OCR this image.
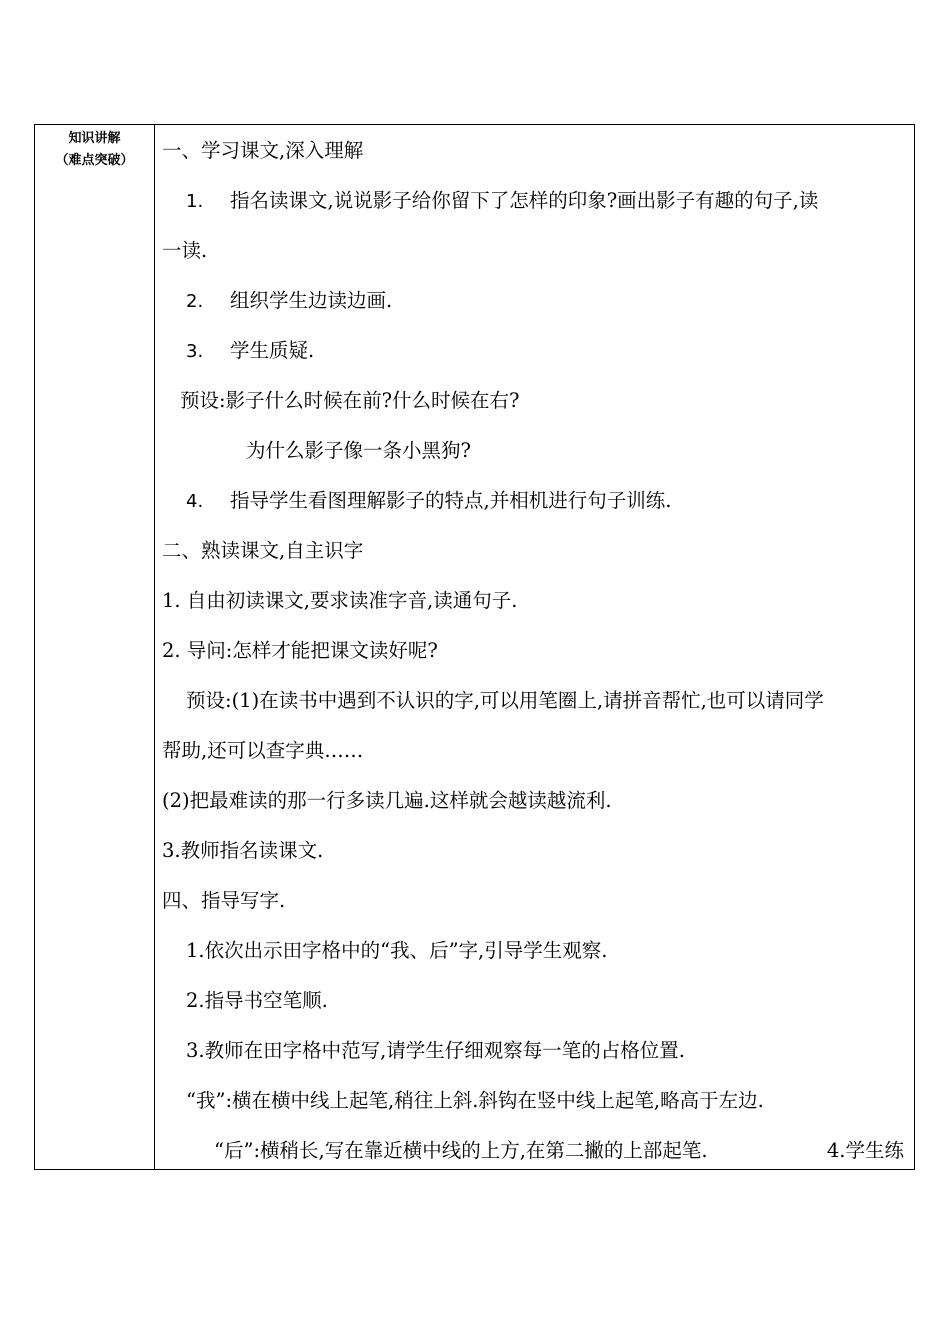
知识讲解
（难点突破）	一、学习课文,深入理解
1. 指名读课文,说说影子给你留下了怎样的印象?画出影子有趣的句子,读
一读.
2. 组织学生边读边画.
3. 学生质疑.
预设:影子什么时候在前?什么时候在右?
为什么影子像一条小黑狗?
4. 指导学生看图理解影子的特点,并相机进行句子训练.
二、熟读课文,自主识字
1. 自由初读课文,要求读准字音,读通句子.
2. 导问:怎样才能把课文读好呢?
预设:(1)在读书中遇到不认识的字,可以用笔圈上,请拼音帮忙,也可以请同学
帮助,还可以查字典……
(2)把最难读的那一行多读几遍.这样就会越读越流利.
3.教师指名读课文.
四、指导写字.
1.依次出示田字格中的“我、后”字,引导学生观察.
2.指导书空笔顺.
3.教师在田字格中范写,请学生仔细观察每一笔的占格位置.
“我”:横在横中线上起笔,稍往上斜.斜钩在竖中线上起笔,略高于左边.
“后”:横稍长,写在靠近横中线的上方,在第二撇的上部起笔.	4.学生练
